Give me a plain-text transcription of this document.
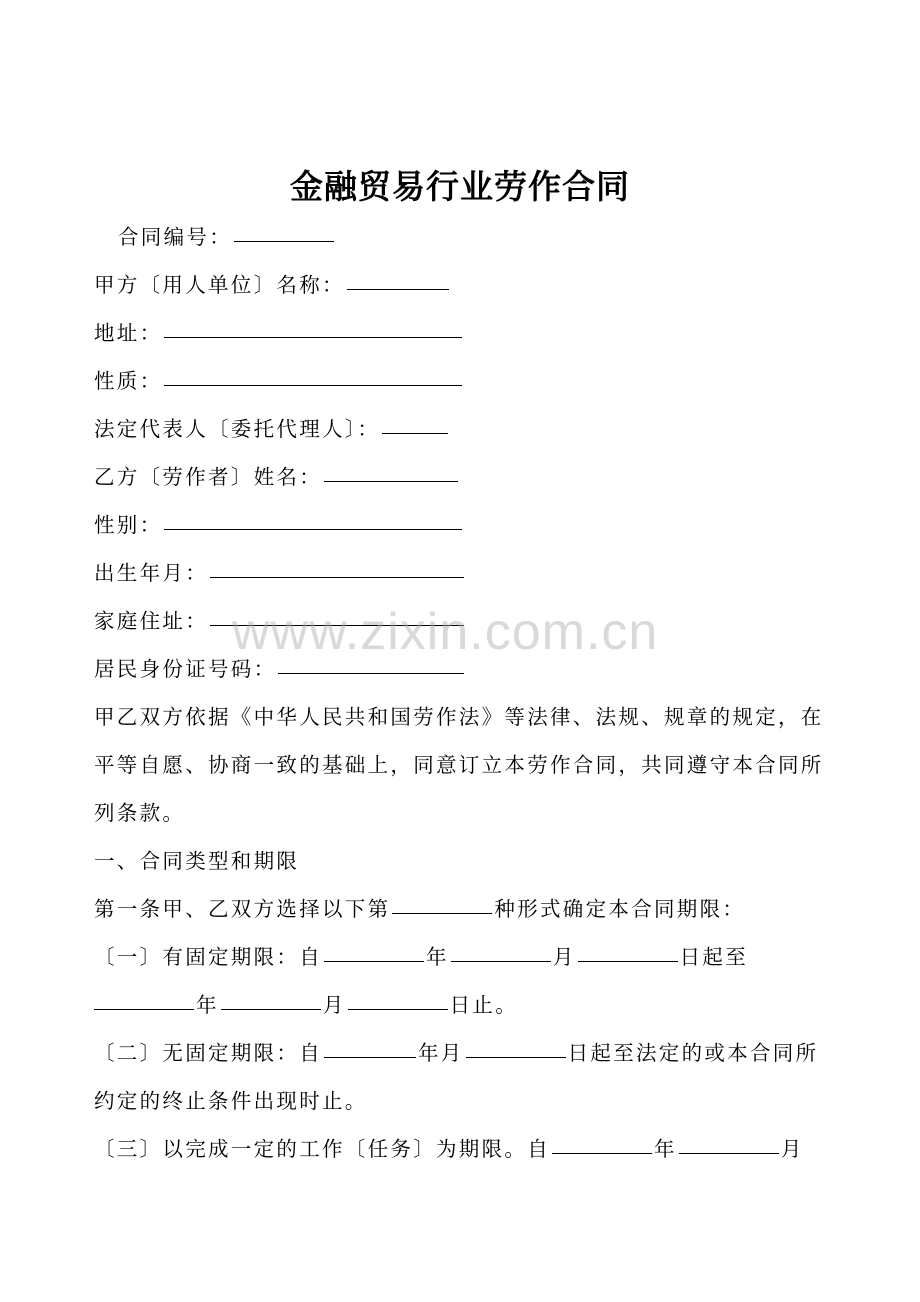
金融贸易行业劳作合同
合同编号：
甲方〔用人单位〕名称：
地址：
性质：
法定代表人〔委托代理人〕：
乙方〔劳作者〕姓名：
性别：
出生年月：
家庭住址：
居民身份证号码：
甲乙双方依据《中华人民共和国劳作法》等法律、法规、规章的规定，在
平等自愿、协商一致的基础上，同意订立本劳作合同，共同遵守本合同所
列条款。
一、合同类型和期限
第一条甲、乙双方选择以下第	种形式确定本合同期限：
〔一〕有固定期限：自	年	月	日起至
年	月	日止。
〔二〕无固定期限：自	年月	日起至法定的或本合同所
约定的终止条件出现时止。
〔三〕以完成一定的工作〔任务〕为期限。自	年	月
www.zixin.com.cn
